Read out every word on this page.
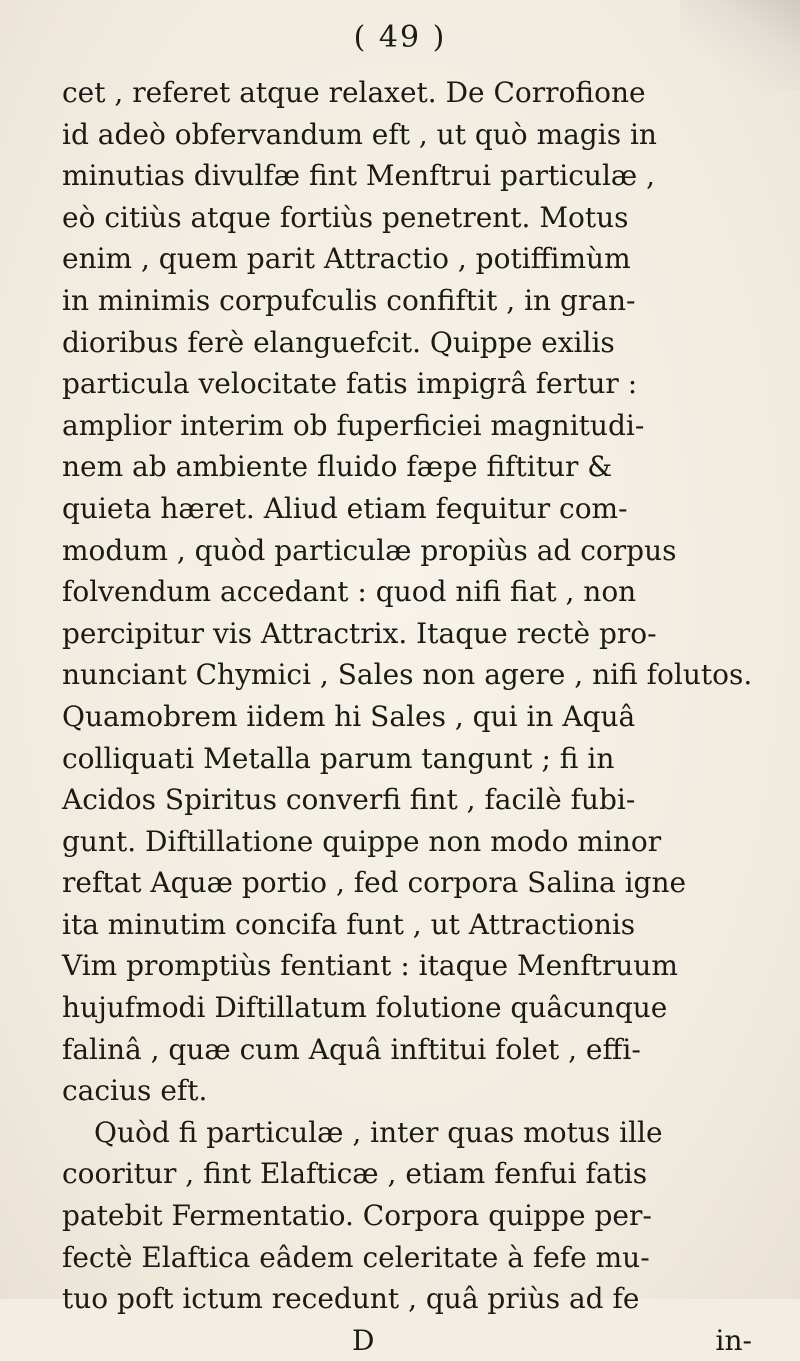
( 49 )
cet , referet atque relaxet. De Corrofione
id adeò obfervandum eft , ut quò magis in
minutias divulfæ fint Menftrui particulæ ,
eò citiùs atque fortiùs penetrent. Motus
enim , quem parit Attractio , potiffimùm
in minimis corpufculis confiftit , in gran-
dioribus ferè elanguefcit. Quippe exilis
particula velocitate fatis impigrâ fertur :
amplior interim ob fuperficiei magnitudi-
nem ab ambiente fluido fæpe fiftitur &
quieta hæret. Aliud etiam fequitur com-
modum , quòd particulæ propiùs ad corpus
folvendum accedant : quod nifi fiat , non
percipitur vis Attractrix. Itaque rectè pro-
nunciant Chymici , Sales non agere , nifi folutos.
Quamobrem iidem hi Sales , qui in Aquâ
colliquati Metalla parum tangunt ; fi in
Acidos Spiritus converfi fint , facilè fubi-
gunt. Diftillatione quippe non modo minor
reftat Aquæ portio , fed corpora Salina igne
ita minutim concifa funt , ut Attractionis
Vim promptiùs fentiant : itaque Menftruum
hujufmodi Diftillatum folutione quâcunque
falinâ , quæ cum Aquâ inftitui folet , effi-
cacius eft.
Quòd fi particulæ , inter quas motus ille
cooritur , fint Elafticæ , etiam fenfui fatis
patebit Fermentatio. Corpora quippe per-
fectè Elaftica eâdem celeritate à fefe mu-
tuo poft ictum recedunt , quâ priùs ad fe
D	in-
